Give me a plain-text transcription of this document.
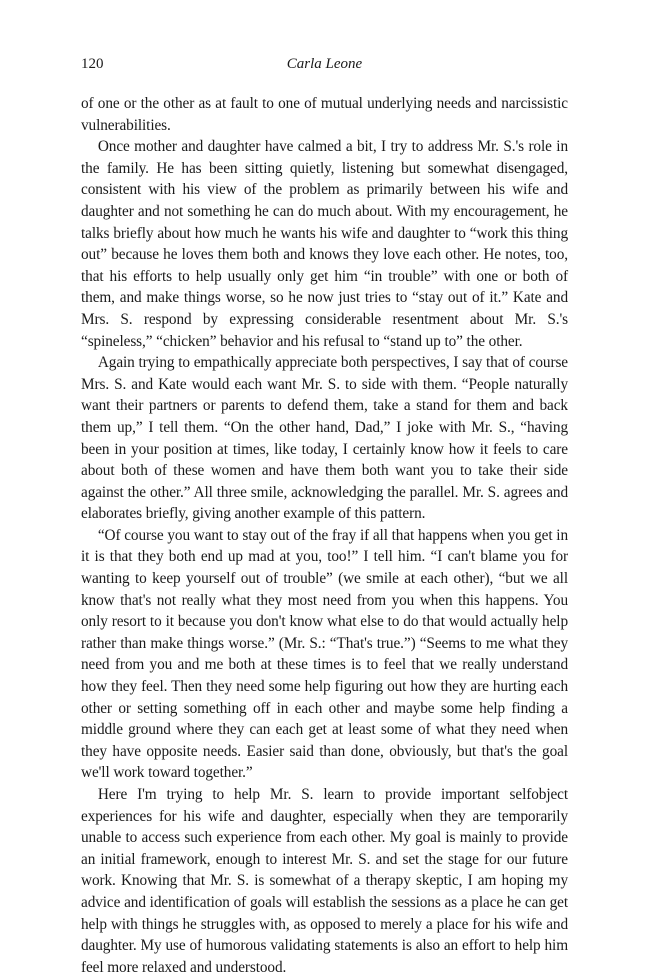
120	Carla Leone

of one or the other as at fault to one of mutual underlying needs and narcissistic vulnerabilities.

Once mother and daughter have calmed a bit, I try to address Mr. S.'s role in the family. He has been sitting quietly, listening but somewhat disengaged, consistent with his view of the problem as primarily between his wife and daughter and not something he can do much about. With my encouragement, he talks briefly about how much he wants his wife and daughter to “work this thing out” because he loves them both and knows they love each other. He notes, too, that his efforts to help usually only get him “in trouble” with one or both of them, and make things worse, so he now just tries to “stay out of it.” Kate and Mrs. S. respond by expressing considerable resentment about Mr. S.'s “spineless,” “chicken” behavior and his refusal to “stand up to” the other.

Again trying to empathically appreciate both perspectives, I say that of course Mrs. S. and Kate would each want Mr. S. to side with them. “People naturally want their partners or parents to defend them, take a stand for them and back them up,” I tell them. “On the other hand, Dad,” I joke with Mr. S., “having been in your position at times, like today, I certainly know how it feels to care about both of these women and have them both want you to take their side against the other.” All three smile, acknowledging the parallel. Mr. S. agrees and elaborates briefly, giving another example of this pattern.

“Of course you want to stay out of the fray if all that happens when you get in it is that they both end up mad at you, too!” I tell him. “I can't blame you for wanting to keep yourself out of trouble” (we smile at each other), “but we all know that's not really what they most need from you when this happens. You only resort to it because you don't know what else to do that would actually help rather than make things worse.” (Mr. S.: “That's true.”) “Seems to me what they need from you and me both at these times is to feel that we really understand how they feel. Then they need some help figuring out how they are hurting each other or setting something off in each other and maybe some help finding a middle ground where they can each get at least some of what they need when they have opposite needs. Easier said than done, obviously, but that's the goal we'll work toward together.”

Here I'm trying to help Mr. S. learn to provide important selfobject experiences for his wife and daughter, especially when they are temporarily unable to access such experience from each other. My goal is mainly to provide an initial framework, enough to interest Mr. S. and set the stage for our future work. Knowing that Mr. S. is somewhat of a therapy skeptic, I am hoping my advice and identification of goals will establish the sessions as a place he can get help with things he struggles with, as opposed to merely a place for his wife and daughter. My use of humorous validating statements is also an effort to help him feel more relaxed and understood.
